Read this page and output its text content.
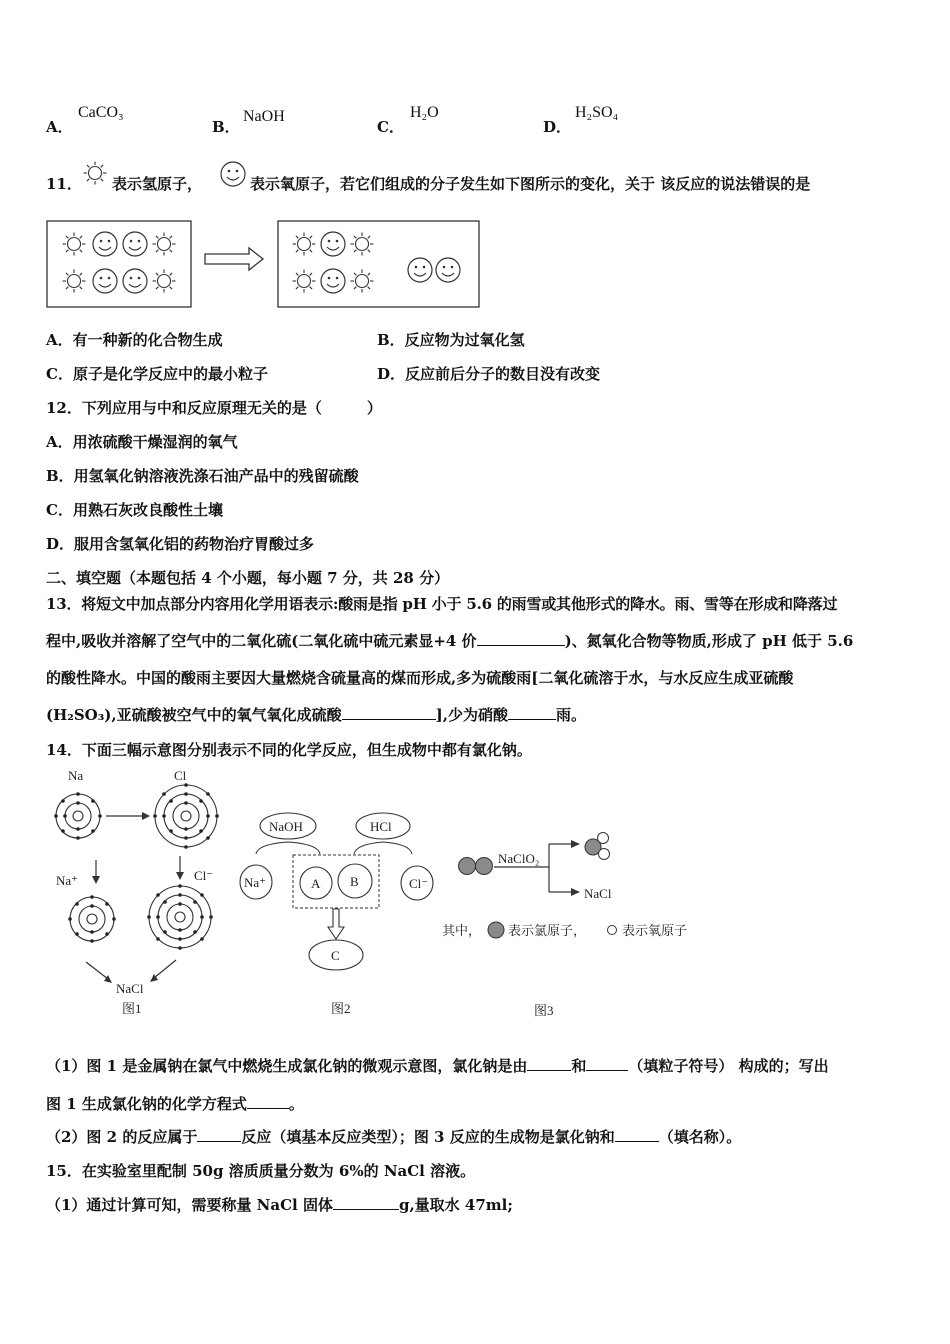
A．
CaCO₃
B．
NaOH
C．
H₂O
D．
H₂SO₄
11． 表示氢原子，	表示氧原子，若它们组成的分子发生如下图所示的变化，关于 该反应的说法错误的是
A．有一种新的化合物生成	B．反应物为过氧化氢
C．原子是化学反应中的最小粒子	D．反应前后分子的数目没有改变
12．下列应用与中和反应原理无关的是（　　　）
A．用浓硫酸干燥湿润的氧气
B．用氢氧化钠溶液洗涤石油产品中的残留硫酸
C．用熟石灰改良酸性土壤
D．服用含氢氧化铝的药物治疗胃酸过多
二、填空题（本题包括 4 个小题，每小题 7 分，共 28 分）
13．将短文中加点部分内容用化学用语表示:酸雨是指 pH 小于 5.6 的雨雪或其他形式的降水。雨、雪等在形成和降落过
程中,吸收并溶解了空气中的二氧化硫(二氧化硫中硫元素显+4 价	)、氮氧化合物等物质,形成了 pH 低于 5.6
的酸性降水。中国的酸雨主要因大量燃烧含硫量高的煤而形成,多为硫酸雨[二氧化硫溶于水，与水反应生成亚硫酸
(H₂SO₃),亚硫酸被空气中的氧气氧化成硫酸	],少为硝酸	雨。
14．下面三幅示意图分别表示不同的化学反应，但生成物中都有氯化钠。
Na	Cl
Na⁺	Cl⁻
NaCl
图1
NaOH	HCl
Na⁺	A B	Cl⁻
C
图2
NaClO₂
NaCl
其中， 表示氯原子，	表示氧原子
图3
（1）图 1 是金属钠在氯气中燃烧生成氯化钠的微观示意图，氯化钠是由	和	（填粒子符号） 构成的；写出
图 1 生成氯化钠的化学方程式	。
（2）图 2 的反应属于	反应（填基本反应类型）；图 3 反应的生成物是氯化钠和	（填名称）。
15．在实验室里配制 50g 溶质质量分数为 6%的 NaCl 溶液。
（1）通过计算可知，需要称量 NaCl 固体	g,量取水 47ml;
